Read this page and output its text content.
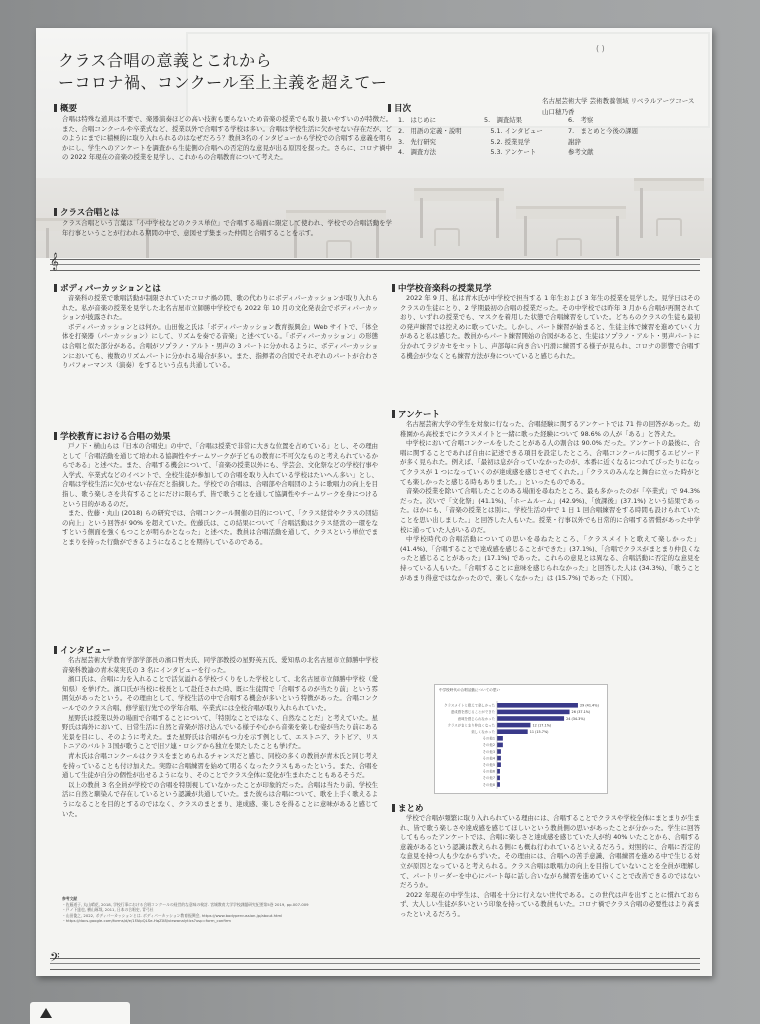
( )
クラス合唱の意義とこれから
ーコロナ禍、コンクール至上主義を超えてー
名古屋芸術大学 芸術教養領域 リベラルアーツコース
山口穂乃香
概要
合唱は特殊な道具は不要で、楽器演奏ほどの高い技術も要らないため音楽の授業でも取り扱いやすいのが特徴だ。また、合唱コンクールや卒業式など、授業以外で合唱する学校は多い。合唱は学校生活に欠かせない存在だが、どのようにまでに積極的に取り入れられるのはなぜだろう？教員3名のインタビューから学校での合唱する意義を明らかにし、学生へのアンケートを調査から生徒側の合唱への否定的な意見が出る原因を探った。さらに、コロナ禍中の 2022 年現在の音楽の授業を見学し、これからの合唱教育について考えた。
目次
1.　はじめに
2.　用語の定義・説明
3.　先行研究
4.　調査方法
5.　調査結果
　5.1. インタビュー
　5.2. 授業見学
　5.3. アンケート
6.　考察
7.　まとめと今後の課題
謝辞
参考文献
クラス合唱とは
クラス合唱という言葉は「小中学校などのクラス単位」で合唱する場面に限定して使われ、学校での合唱活動を学年行事ということが行われる期間の中で、意図せず集まった仲間と合唱することを示す。
𝄞
ボディパーカッションとは

音楽科の授業で歌唱活動が制限されていたコロナ禍の間、歌の代わりにボディパーカッションが取り入れられた。私が音楽の授業を見学した北名古屋市立師勝中学校でも 2022 年 10 月の文化発表会でボディパーカッションが披露された。

ボディパーカッションとは何か。山田俊之氏は「ボディパーカッション教育振興会」Web サイトで、「体全体を打楽器（パーカッション）にして、リズムを奏でる音楽」と述べている。「ボディパーカッション」の形態は合唱と似た部分がある。合唱がソプラノ・アルト・男声の 3 パートに分かれるように、ボディパーカッションにおいても、複数のリズムパートに分かれる場合が多い。また、指揮者の合図でそれぞれのパートが合わさりパフォーマンス（演奏）をするという点も共通している。

学校教育における合唱の効果

戸ノ下・横山らは『日本の合唱史』の中で、「合唱は授業で非常に大きな位置を占めている」とし、その理由として「合唱活動を通じて培われる協調性やチームワークが子どもの教育に不可欠なものと考えられているからである」と述べた。また、合唱する機会について、「音楽の授業以外にも、学芸会、文化祭などの学校行事や入学式、卒業式などのイベントで、全校生徒が参加しての合唱を取り入れている学校はたいへん多い」とし、合唱は学校生活に欠かせない存在だと指摘した。学校での合唱は、合唱部や合唱団のように歌唱力の向上を目指し、歌う楽しさを共有することにだけに限らず、皆で歌うことを通して協調性やチームワークを身につけるという目的があるのだ。

また、佐藤・丸山 (2018) らの研究では、合唱コンクール開催の目的について、「クラス経営やクラスの団結の向上」という回答が 90% を超えていた。佐藤氏は、この結果について「合唱活動はクラス経営の一環をなすという側面を強くもつことが明らかとなった」と述べた。教員は合唱活動を通して、クラスという単位でまとまりを持った行動ができるようになることを期待しているのである。

インタビュー

名古屋芸術大学教育学部学部長の濱口哲夫氏、同学部教授の星野英五氏、愛知県の北名古屋市立師勝中学校音楽科教諭の青木菜実氏の 3 名にインタビューを行った。

濱口氏は、合唱に力を入れることで活気溢れる学校づくりをした学校として、北名古屋市立師勝中学校（愛知県）を挙げた。濱口氏が当校に校長として赴任された時、既に生徒間で「合唱するのが当たり前」という雰囲気があったという。その理由として、学校生活の中で合唱する機会が多いという特徴があった。合唱コンクールでのクラス合唱、修学旅行先での学年合唱、卒業式には全校合唱が取り入れられていた。

星野氏は授業以外の場面で合唱することについて、「特別なことではなく、自然なことだ」と考えていた。星野氏は海外において、日常生活に自然と音楽が溶け込んでいる様子や心から音楽を楽しむ姿が当たり前にある光景を目にし、そのように考えた。また星野氏は合唱がもつ力を示す例として、エストニア、ラトビア、リストニアのバルト３国が歌うことで旧ソ連・ロシアから独立を果たしたことも挙げた。

青木氏は合唱コンクールはクラスをまとめられるチャンスだと感じ、同校の多くの教員が青木氏と同じ考えを持っていることも付け加えた。実際に合唱練習を始めて明るくなったクラスもあったという。また、合唱を通して生徒が自分の個性が出せるようになり、そのことでクラス全体に変化が生まれたこともあるそうだ。

以上の教員 3 名全員が学校での合唱を特別視していなかったことが印象的だった。合唱は当たり前、学校生活に自然と馴染んで存在しているという認識が共通していた。また彼らは合唱について、歌を上手く歌えるようになることを目的とするのではなく、クラスのまとまり、達成感、楽しさを得ることに意味があると感じていた。

参考文献
・佐藤道子, 丸山晴花, 2018, 学校行事における合唱コンクールの経営的な意味の検討. 宮城教育大学学校課題研究紀要第5巻 2019, pp.007-009
・戸ノ下達也, 横山琢哉, 2011, 日本の合唱史, 青弓社
・山田俊之, 2022, ボディパーカッションとは. ボディパーカッション教育振興会, https://www.bodypercussion.jp/about.html
・https://docs.google.com/forms/d/e/1FAIpQLSe-HqZX8/viewanalytics?usp=form_confirm
中学校音楽科の授業見学

2022 年 9 月、私は青木氏が中学校で担当する 1 年生および 3 年生の授業を見学した。見学日はそのクラスの生徒にとり、2 学期最初の合唱の授業だった。その中学校では昨年 3 月から合唱が再開されており、いずれの授業でも、マスクを着用した状態で合唱練習をしていた。どちらのクラスの生徒も最初の発声練習では控えめに歌っていた。しかし、パート練習が始まると、生徒主体で練習を進めていく力があると私は感じた。教員からパート練習開始の合図があると、生徒はソプラノ・アルト・男声パートに分かれてラジカセをセットし、声部毎に向き合い円滑に練習する様子が見られ、コロナの影響で合唱する機会が少なくとも練習方法が身についていると感じられた。

アンケート

名古屋芸術大学の学生を対象に行なった、合唱経験に関するアンケートでは 71 件の回答があった。幼稚園から高校までにクラスメイトと一緒に歌った経験について 98.6% の人が「ある」と答えた。

中学校において合唱コンクールをしたことがある人の割合は 90.0% だった。アンケートの最後に、合唱に関することであれば自由に記述できる項目を設定したところ、合唱コンクールに関するエピソードが多く見られた。例えば、「最初は息が合っていなかったのが、本番に近くなるにつれてぴったりになってクラスが 1 つになっていくのが達成感を感じさせてくれた。」「クラスのみんなと舞台に立った時がとても楽しかったと感じる時もありました。」といったものである。

音楽の授業を除いて合唱したことのある場面を尋ねたところ、最も多かったのが「卒業式」で 94.3% だった。次いで「文化祭」(41.1%)、「ホームルーム」(42.9%)、「放課後」(37.1%) という結果であった。ほかにも、「音楽の授業とは別に、学校生活の中で 1 日 1 回合唱練習をする時間も設けられていたことを思い出しました。」と回答した人もいた。授業・行事以外でも日常的に合唱する習慣があった中学校に通っていた人がいるのだ。

中学校時代の合唱活動についての思いを尋ねたところ、「クラスメイトと歌えて楽しかった」(41.4%)、「合唱することで達成感を感じることができた」(37.1%)、「合唱でクラスがまとまり仲良くなったと感じることがあった」(17.1%) であった。これらの意見とは異なる、合唱活動に否定的な意見を持っている人もいた。「合唱することに意味を感じられなかった」と回答した人は (34.3%)、「歌うことがあまり得意ではなかったので、楽しくなかった」は (15.7%) であった（下図）。

中学校時代の合唱活動についての思い
クラスメイトと歌えて楽しかった	29 (41.4%)
達成感を感じることができた	26 (37.1%)
意味を感じられなかった	24 (34.3%)
クラスがまとまり仲良くなった	12 (17.1%)
楽しくなかった	11 (15.7%)
その他1
その他2
その他3
その他4
その他5
その他6
その他7
その他8
まとめ

学校で合唱が頻繁に取り入れられている理由には、合唱することでクラスや学校全体にまとまりが生まれ、皆で歌う楽しさや達成感を感じてほしいという教員側の思いがあったことが分かった。学生に回答してもらったアンケートでは、合唱に楽しさと達成感を感じていた人が約 40% いたことから、合唱する意義があるという認識は教えられる側にも概ね行われているといえるだろう。対照的に、合唱に否定的な意見を持つ人も少なからずいた。その理由には、合唱への苦手意識、合唱練習を進める中で生じる対立が原因となっていると考えられる。クラス合唱は歌唱力の向上を目指していないことを全員が理解して、パートリーダーを中心にパート毎に話し合いながら練習を進めていくことで改善できるのではないだろうか。

2022 年現在の中学生は、合唱を十分に行えない世代である。この世代は声を出すことに慣れておらず、大人しい生徒が多いという印象を持っている教員もいた。コロナ禍でクラス合唱の必要性はより高まったといえるだろう。

𝄢
